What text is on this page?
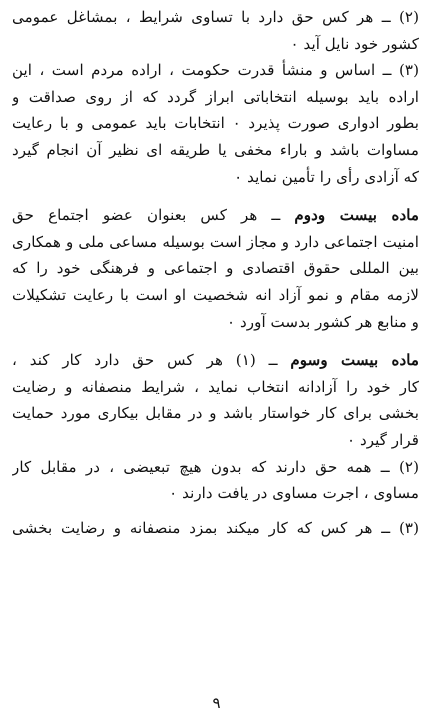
(۲) ــ هر کس حق دارد با تساوی شرایط ، بمشاغل عمومی
کشور خود نایل آید ۰
(۳) ــ اساس و منشأ قدرت حکومت ، اراده مردم است ، این
اراده باید بوسیله انتخاباتی ابراز گردد که از روی صداقت و
بطور ادواری صورت پذیرد ۰ انتخابات باید عمومی و با رعایت
مساوات باشد و باراء مخفی یا طریقه ای نظیر آن انجام گیرد
که آزادی رأی را تأمین نماید ۰
ماده بیست ودوم ــ هر کس بعنوان عضو اجتماع حق
امنیت اجتماعی دارد و مجاز است بوسیله مساعی ملی و همکاری
بین المللی حقوق اقتصادی و اجتماعی و فرهنگی خود را که
لازمه مقام و نمو آزاد انه شخصیت او است با رعایت تشکیلات
و منابع هر کشور بدست آورد ۰
ماده بیست وسوم ــ (۱) هر کس حق دارد کار کند ،
کار خود را آزادانه انتخاب نماید ، شرایط منصفانه و رضایت
بخشی برای کار خواستار باشد و در مقابل بیکاری مورد حمایت
قرار گیرد ۰
(۲) ــ همه حق دارند که بدون هیچ تبعیضی ، در مقابل کار
مساوی ، اجرت مساوی در یافت دارند ۰
(۳) ــ هر کس که کار میکند بمزد منصفانه و رضایت بخشی
۹
